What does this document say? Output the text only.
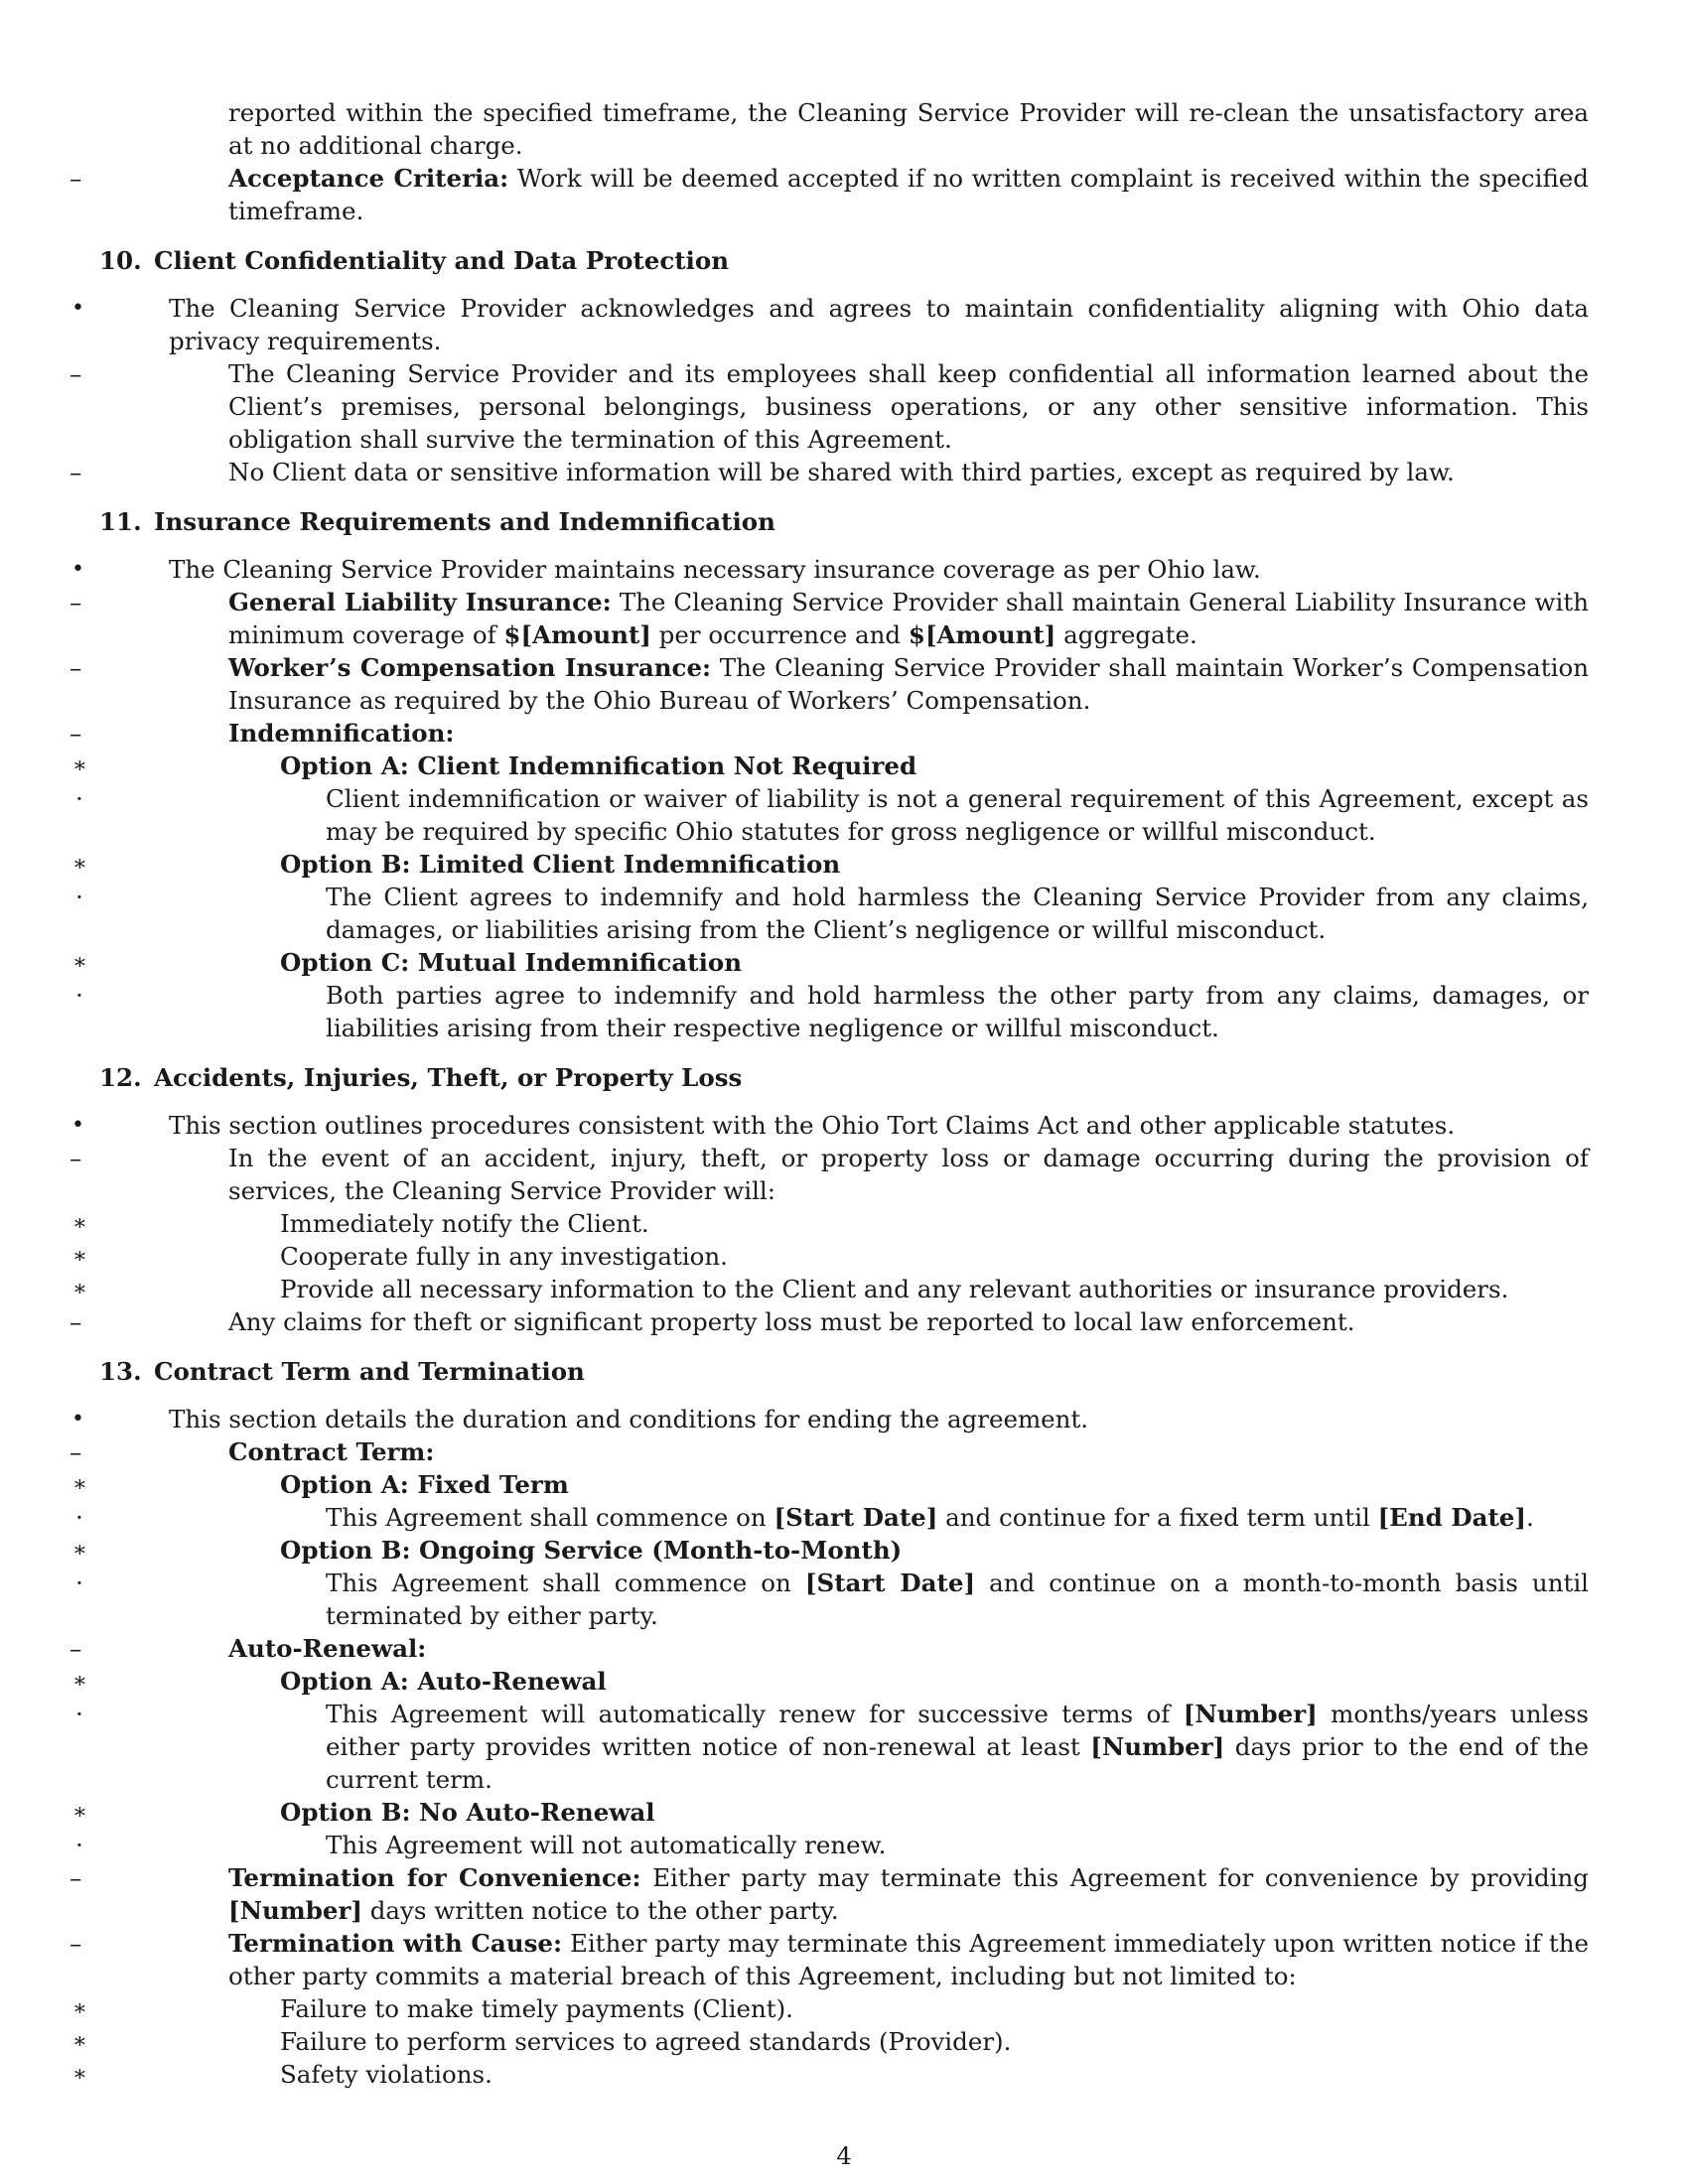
reported within the specified timeframe, the Cleaning Service Provider will re-clean the unsatisfactory area at no additional charge.

–	Acceptance Criteria: Work will be deemed accepted if no written complaint is received within the specified timeframe.

10. Client Confidentiality and Data Protection
•	The Cleaning Service Provider acknowledges and agrees to maintain confidentiality aligning with Ohio data privacy requirements.

–	The Cleaning Service Provider and its employees shall keep confidential all information learned about the Client’s premises, personal belongings, business operations, or any other sensitive information. This obligation shall survive the termination of this Agreement.

–	No Client data or sensitive information will be shared with third parties, except as required by law.

11. Insurance Requirements and Indemnification
•	The Cleaning Service Provider maintains necessary insurance coverage as per Ohio law.

–	General Liability Insurance: The Cleaning Service Provider shall maintain General Liability Insurance with minimum coverage of $[Amount] per occurrence and $[Amount] aggregate.

–	Worker’s Compensation Insurance: The Cleaning Service Provider shall maintain Worker’s Compensation Insurance as required by the Ohio Bureau of Workers’ Compensation.

–	Indemnification:

∗	Option A: Client Indemnification Not Required

·	Client indemnification or waiver of liability is not a general requirement of this Agreement, except as may be required by specific Ohio statutes for gross negligence or willful misconduct.

∗	Option B: Limited Client Indemnification

·	The Client agrees to indemnify and hold harmless the Cleaning Service Provider from any claims, damages, or liabilities arising from the Client’s negligence or willful misconduct.

∗	Option C: Mutual Indemnification

·	Both parties agree to indemnify and hold harmless the other party from any claims, damages, or liabilities arising from their respective negligence or willful misconduct.

12. Accidents, Injuries, Theft, or Property Loss
•	This section outlines procedures consistent with the Ohio Tort Claims Act and other applicable statutes.

–	In the event of an accident, injury, theft, or property loss or damage occurring during the provision of services, the Cleaning Service Provider will:

∗	Immediately notify the Client.

∗	Cooperate fully in any investigation.

∗	Provide all necessary information to the Client and any relevant authorities or insurance providers.

–	Any claims for theft or significant property loss must be reported to local law enforcement.

13. Contract Term and Termination
•	This section details the duration and conditions for ending the agreement.

–	Contract Term:

∗	Option A: Fixed Term

·	This Agreement shall commence on [Start Date] and continue for a fixed term until [End Date].

∗	Option B: Ongoing Service (Month-to-Month)

·	This Agreement shall commence on [Start Date] and continue on a month-to-month basis until terminated by either party.

–	Auto-Renewal:

∗	Option A: Auto-Renewal

·	This Agreement will automatically renew for successive terms of [Number] months/years unless either party provides written notice of non-renewal at least [Number] days prior to the end of the current term.

∗	Option B: No Auto-Renewal

·	This Agreement will not automatically renew.

–	Termination for Convenience: Either party may terminate this Agreement for convenience by providing [Number] days written notice to the other party.

–	Termination with Cause: Either party may terminate this Agreement immediately upon written notice if the other party commits a material breach of this Agreement, including but not limited to:

∗	Failure to make timely payments (Client).

∗	Failure to perform services to agreed standards (Provider).

∗	Safety violations.

4
